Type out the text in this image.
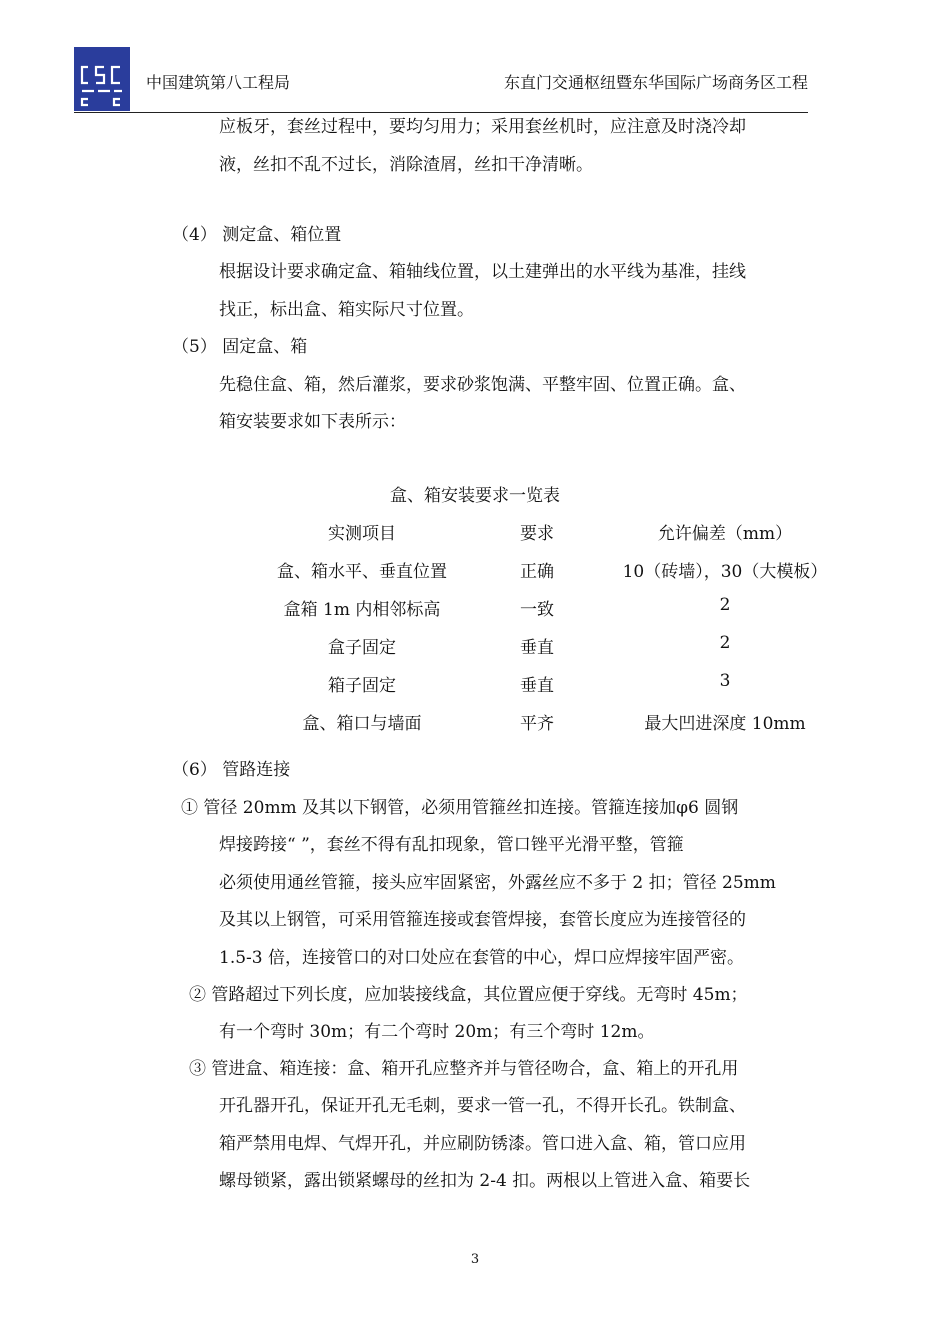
中国建筑第八工程局	东直门交通枢纽暨东华国际广场商务区工程
应板牙，套丝过程中，要均匀用力；采用套丝机时，应注意及时浇冷却
液，丝扣不乱不过长，消除渣屑，丝扣干净清晰。
（4） 测定盒、箱位置
根据设计要求确定盒、箱轴线位置，以土建弹出的水平线为基准，挂线
找正，标出盒、箱实际尺寸位置。
（5） 固定盒、箱
先稳住盒、箱，然后灌浆，要求砂浆饱满、平整牢固、位置正确。盒、
箱安装要求如下表所示：
盒、箱安装要求一览表
实测项目	要求	允许偏差（mm）
盒、箱水平、垂直位置	正确	10（砖墙），30（大模板）
盒箱 1m 内相邻标高	一致	2
盒子固定	垂直	2
箱子固定	垂直	3
盒、箱口与墙面	平齐	最大凹进深度 10mm
（6） 管路连接
① 管径 20mm 及其以下钢管，必须用管箍丝扣连接。管箍连接加φ6 圆钢
焊接跨接“ ”，套丝不得有乱扣现象，管口锉平光滑平整，管箍
必须使用通丝管箍，接头应牢固紧密，外露丝应不多于 2 扣；管径 25mm
及其以上钢管，可采用管箍连接或套管焊接，套管长度应为连接管径的
1.5-3 倍，连接管口的对口处应在套管的中心，焊口应焊接牢固严密。
② 管路超过下列长度，应加装接线盒，其位置应便于穿线。无弯时 45m；
有一个弯时 30m；有二个弯时 20m；有三个弯时 12m。
③ 管进盒、箱连接：盒、箱开孔应整齐并与管径吻合，盒、箱上的开孔用
开孔器开孔，保证开孔无毛刺，要求一管一孔，不得开长孔。铁制盒、
箱严禁用电焊、气焊开孔，并应刷防锈漆。管口进入盒、箱，管口应用
螺母锁紧，露出锁紧螺母的丝扣为 2-4 扣。两根以上管进入盒、箱要长
3
